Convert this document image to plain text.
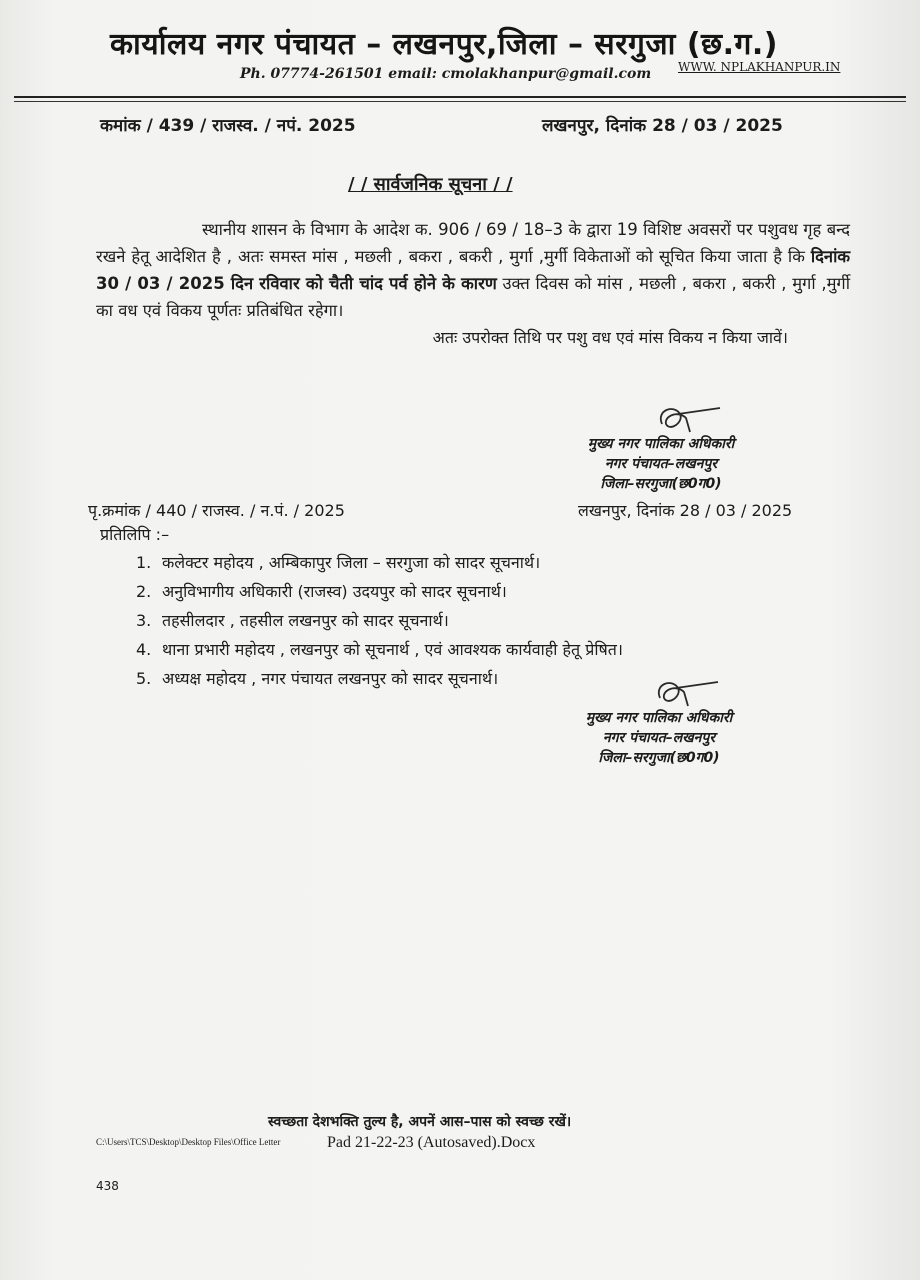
कार्यालय नगर पंचायत – लखनपुर,जिला – सरगुजा (छ.ग.)
Ph. 07774-261501 email: cmolakhanpur@gmail.com WWW. NPLAKHANPUR.IN
कमांक / 439 / राजस्व. / नपं. 2025	लखनपुर, दिनांक 28 / 03 / 2025
/ / सार्वजनिक सूचना / /

स्थानीय शासन के विभाग के आदेश क. 906 / 69 / 18–3 के द्वारा 19 विशिष्ट अवसरों पर पशुवध गृह बन्द रखने हेतू आदेशित है , अतः समस्त मांस , मछली , बकरा , बकरी , मुर्गा ,मुर्गी विकेताओं को सूचित किया जाता है कि दिनांक 30 / 03 / 2025 दिन रविवार को चैती चांद पर्व होने के कारण उक्त दिवस को मांस , मछली , बकरा , बकरी , मुर्गा ,मुर्गी का वध एवं विकय पूर्णतः प्रतिबंधित रहेगा।

अतः उपरोक्त तिथि पर पशु वध एवं मांस विकय न किया जावें।

मुख्य नगर पालिका अधिकारी
नगर पंचायत–लखनपुर
जिला–सरगुजा(छ0ग0)
पृ.क्रमांक / 440 / राजस्व. / न.पं. / 2025	लखनपुर, दिनांक 28 / 03 / 2025
प्रतिलिपि :–
1. कलेक्टर महोदय , अम्बिकापुर जिला – सरगुजा को सादर सूचनार्थ।
2. अनुविभागीय अधिकारी (राजस्व) उदयपुर को सादर सूचनार्थ।
3. तहसीलदार , तहसील लखनपुर को सादर सूचनार्थ।
4. थाना प्रभारी महोदय , लखनपुर को सूचनार्थ , एवं आवश्यक कार्यवाही हेतू प्रेषित।
5. अध्यक्ष महोदय , नगर पंचायत लखनपुर को सादर सूचनार्थ।
मुख्य नगर पालिका अधिकारी
नगर पंचायत–लखनपुर
जिला–सरगुजा(छ0ग0)
स्वच्छता देशभक्ति तुल्य है, अपनें आस–पास को स्वच्छ रखें।
C:\Users\TCS\Desktop\Desktop Files\Office Letter	Pad 21-22-23 (Autosaved).Docx
438
